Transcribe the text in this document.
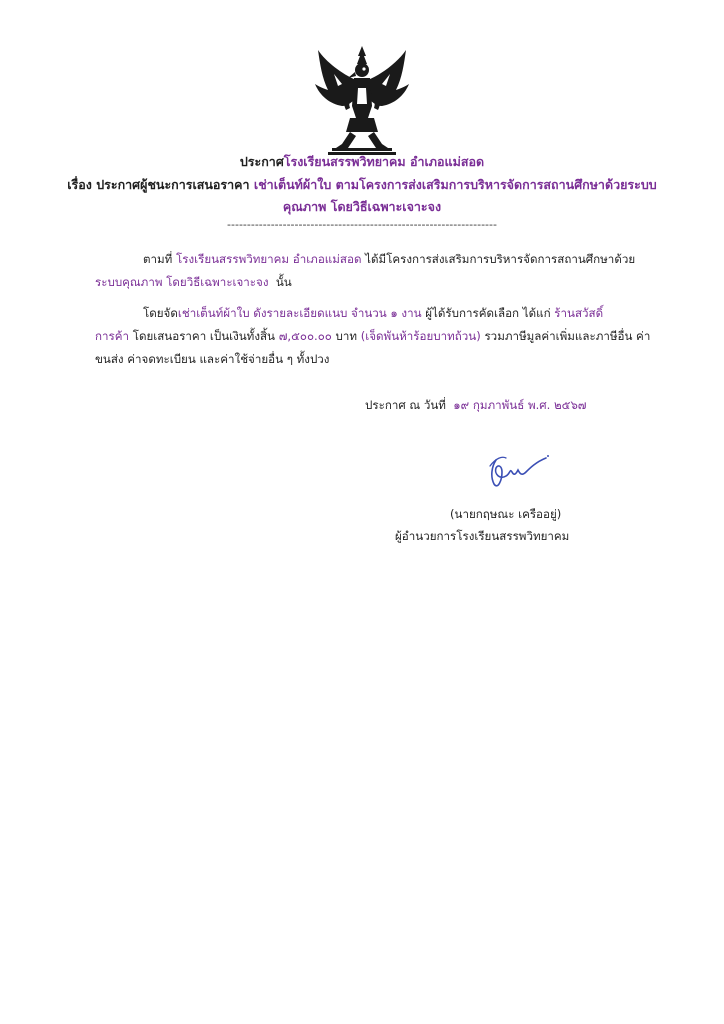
ประกาศโรงเรียนสรรพวิทยาคม อำเภอแม่สอด
เรื่อง ประกาศผู้ชนะการเสนอราคา เช่าเต็นท์ผ้าใบ ตามโครงการส่งเสริมการบริหารจัดการสถานศึกษาด้วยระบบ
คุณภาพ โดยวิธีเฉพาะเจาะจง
--------------------------------------------------------------------
ตามที่ โรงเรียนสรรพวิทยาคม อำเภอแม่สอด ได้มีโครงการส่งเสริมการบริหารจัดการสถานศึกษาด้วย
ระบบคุณภาพ โดยวิธีเฉพาะเจาะจง นั้น
โดยจัดเช่าเต็นท์ผ้าใบ ดังรายละเอียดแนบ จำนวน ๑ งาน ผู้ได้รับการคัดเลือก ได้แก่ ร้านสวัสดิ์
การค้า โดยเสนอราคา เป็นเงินทั้งสิ้น ๗,๕๐๐.๐๐ บาท (เจ็ดพันห้าร้อยบาทถ้วน) รวมภาษีมูลค่าเพิ่มและภาษีอื่น ค่า
ขนส่ง ค่าจดทะเบียน และค่าใช้จ่ายอื่น ๆ ทั้งปวง
ประกาศ ณ วันที่ ๑๙ กุมภาพันธ์ พ.ศ. ๒๕๖๗
(นายกฤษณะ เครืออยู่)
ผู้อำนวยการโรงเรียนสรรพวิทยาคม
